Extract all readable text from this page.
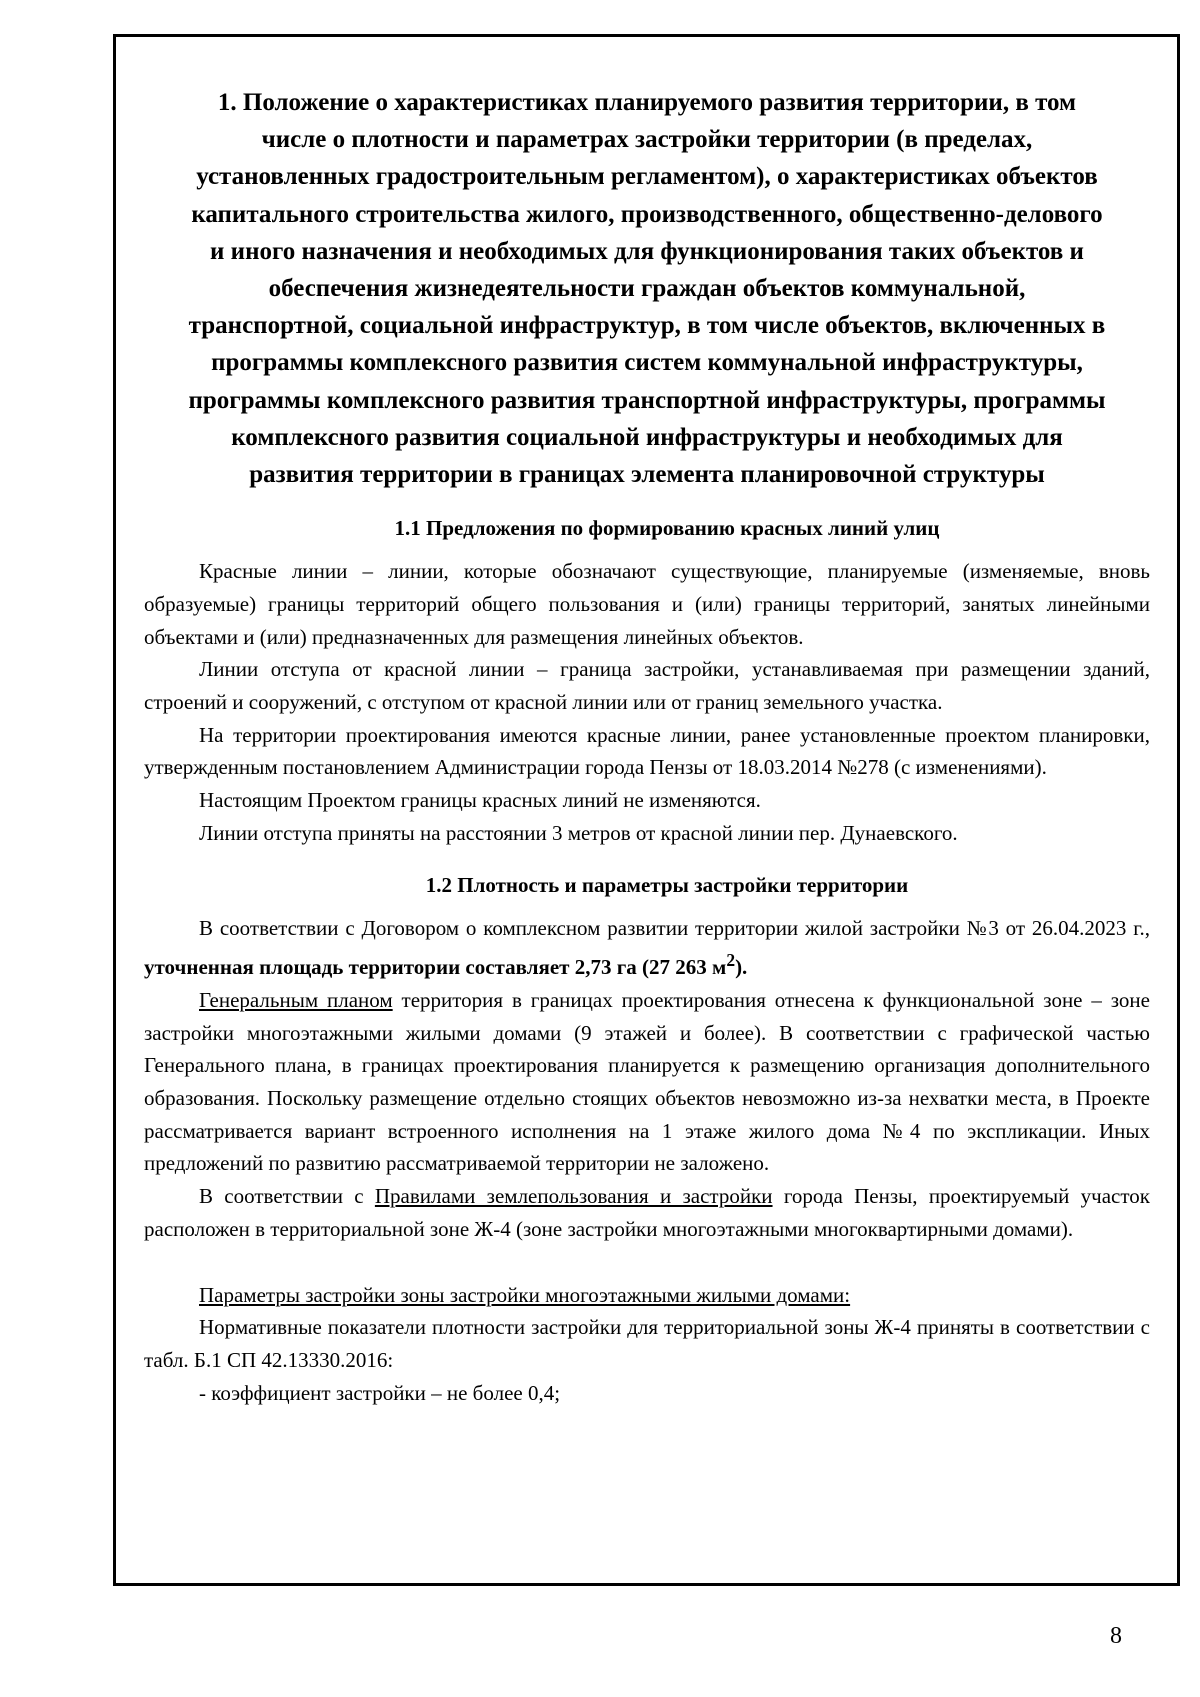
1. Положение о характеристиках планируемого развития территории, в том числе о плотности и параметрах застройки территории (в пределах, установленных градостроительным регламентом), о характеристиках объектов капитального строительства жилого, производственного, общественно-делового и иного назначения и необходимых для функционирования таких объектов и обеспечения жизнедеятельности граждан объектов коммунальной, транспортной, социальной инфраструктур, в том числе объектов, включенных в программы комплексного развития систем коммунальной инфраструктуры, программы комплексного развития транспортной инфраструктуры, программы комплексного развития социальной инфраструктуры и необходимых для развития территории в границах элемента планировочной структуры
1.1 Предложения по формированию красных линий улиц

Красные линии – линии, которые обозначают существующие, планируемые (изменяемые, вновь образуемые) границы территорий общего пользования и (или) границы территорий, занятых линейными объектами и (или) предназначенных для размещения линейных объектов.

Линии отступа от красной линии – граница застройки, устанавливаемая при размещении зданий, строений и сооружений, с отступом от красной линии или от границ земельного участка.

На территории проектирования имеются красные линии, ранее установленные проектом планировки, утвержденным постановлением Администрации города Пензы от 18.03.2014 №278 (с изменениями).

Настоящим Проектом границы красных линий не изменяются.

Линии отступа приняты на расстоянии 3 метров от красной линии пер. Дунаевского.

1.2 Плотность и параметры застройки территории

В соответствии с Договором о комплексном развитии территории жилой застройки №3 от 26.04.2023 г., уточненная площадь территории составляет 2,73 га (27 263 $м^2$).

Генеральным планом территория в границах проектирования отнесена к функциональной зоне – зоне застройки многоэтажными жилыми домами (9 этажей и более). В соответствии с графической частью Генерального плана, в границах проектирования планируется к размещению организация дополнительного образования. Поскольку размещение отдельно стоящих объектов невозможно из-за нехватки места, в Проекте рассматривается вариант встроенного исполнения на 1 этаже жилого дома №4 по экспликации. Иных предложений по развитию рассматриваемой территории не заложено.

В соответствии с Правилами землепользования и застройки города Пензы, проектируемый участок расположен в территориальной зоне Ж-4 (зоне застройки многоэтажными многоквартирными домами).

Параметры застройки зоны застройки многоэтажными жилыми домами:

Нормативные показатели плотности застройки для территориальной зоны Ж-4 приняты в соответствии с табл. Б.1 СП 42.13330.2016:

- коэффициент застройки – не более 0,4;

8
